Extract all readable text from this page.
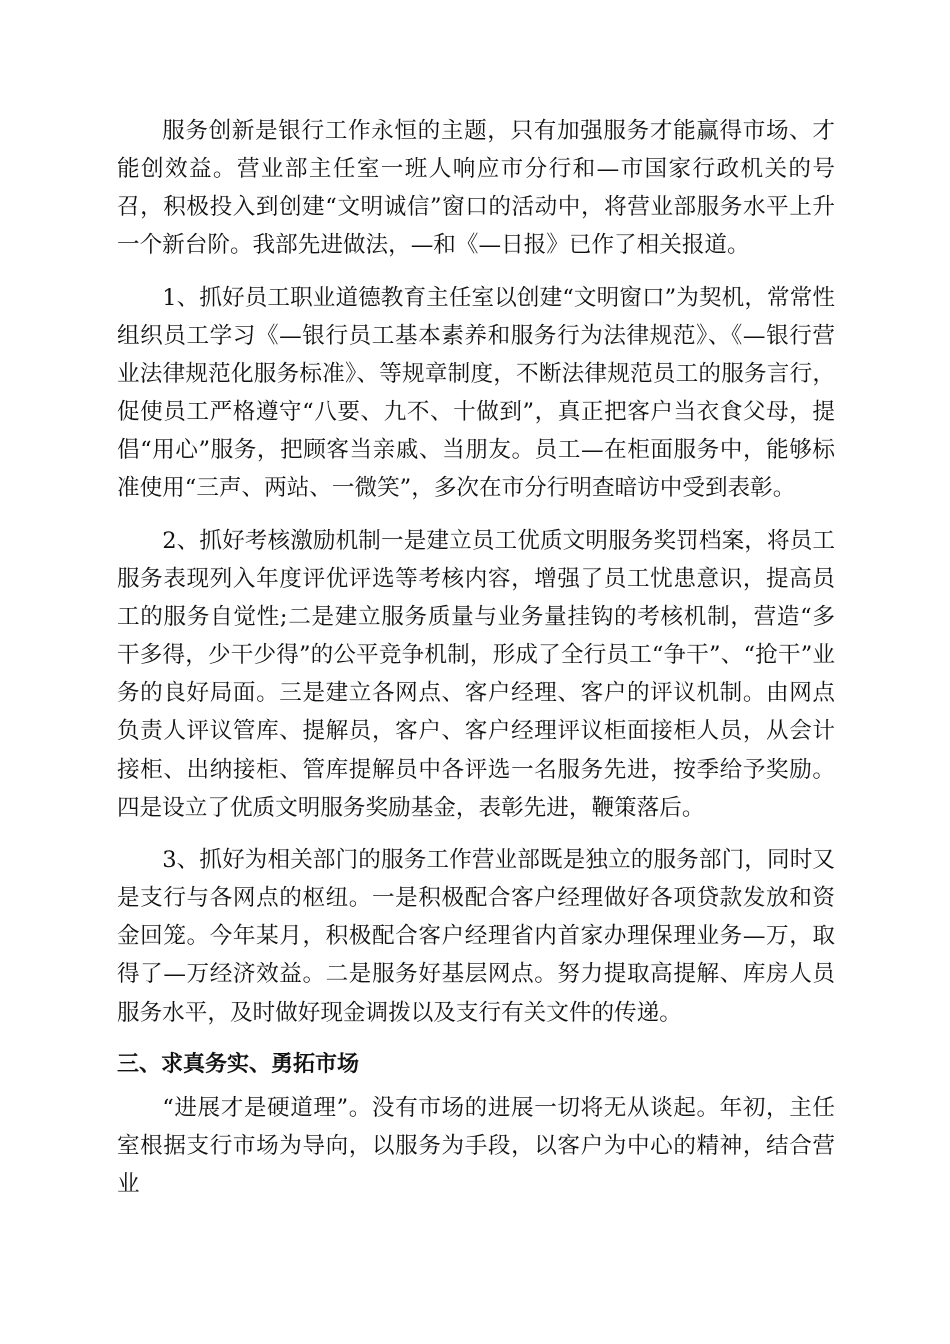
服务创新是银行工作永恒的主题，只有加强服务才能赢得市场、才能创效益。营业部主任室一班人响应市分行和—市国家行政机关的号召，积极投入到创建“文明诚信”窗口的活动中，将营业部服务水平上升一个新台阶。我部先进做法，—和《—日报》已作了相关报道。

1、抓好员工职业道德教育主任室以创建“文明窗口”为契机，常常性组织员工学习《—银行员工基本素养和服务行为法律规范》、《—银行营业法律规范化服务标准》、等规章制度，不断法律规范员工的服务言行，促使员工严格遵守“八要、九不、十做到”，真正把客户当衣食父母，提倡“用心”服务，把顾客当亲戚、当朋友。员工—在柜面服务中，能够标准使用“三声、两站、一微笑”，多次在市分行明查暗访中受到表彰。

2、抓好考核激励机制一是建立员工优质文明服务奖罚档案，将员工服务表现列入年度评优评选等考核内容，增强了员工忧患意识，提高员工的服务自觉性;二是建立服务质量与业务量挂钩的考核机制，营造“多干多得，少干少得”的公平竞争机制，形成了全行员工“争干”、“抢干”业务的良好局面。三是建立各网点、客户经理、客户的评议机制。由网点负责人评议管库、提解员，客户、客户经理评议柜面接柜人员，从会计接柜、出纳接柜、管库提解员中各评选一名服务先进，按季给予奖励。四是设立了优质文明服务奖励基金，表彰先进，鞭策落后。

3、抓好为相关部门的服务工作营业部既是独立的服务部门，同时又是支行与各网点的枢纽。一是积极配合客户经理做好各项贷款发放和资金回笼。今年某月，积极配合客户经理省内首家办理保理业务—万，取得了—万经济效益。二是服务好基层网点。努力提取高提解、库房人员服务水平，及时做好现金调拨以及支行有关文件的传递。

三、求真务实、勇拓市场

“进展才是硬道理”。没有市场的进展一切将无从谈起。年初，主任室根据支行市场为导向，以服务为手段，以客户为中心的精神，结合营业
